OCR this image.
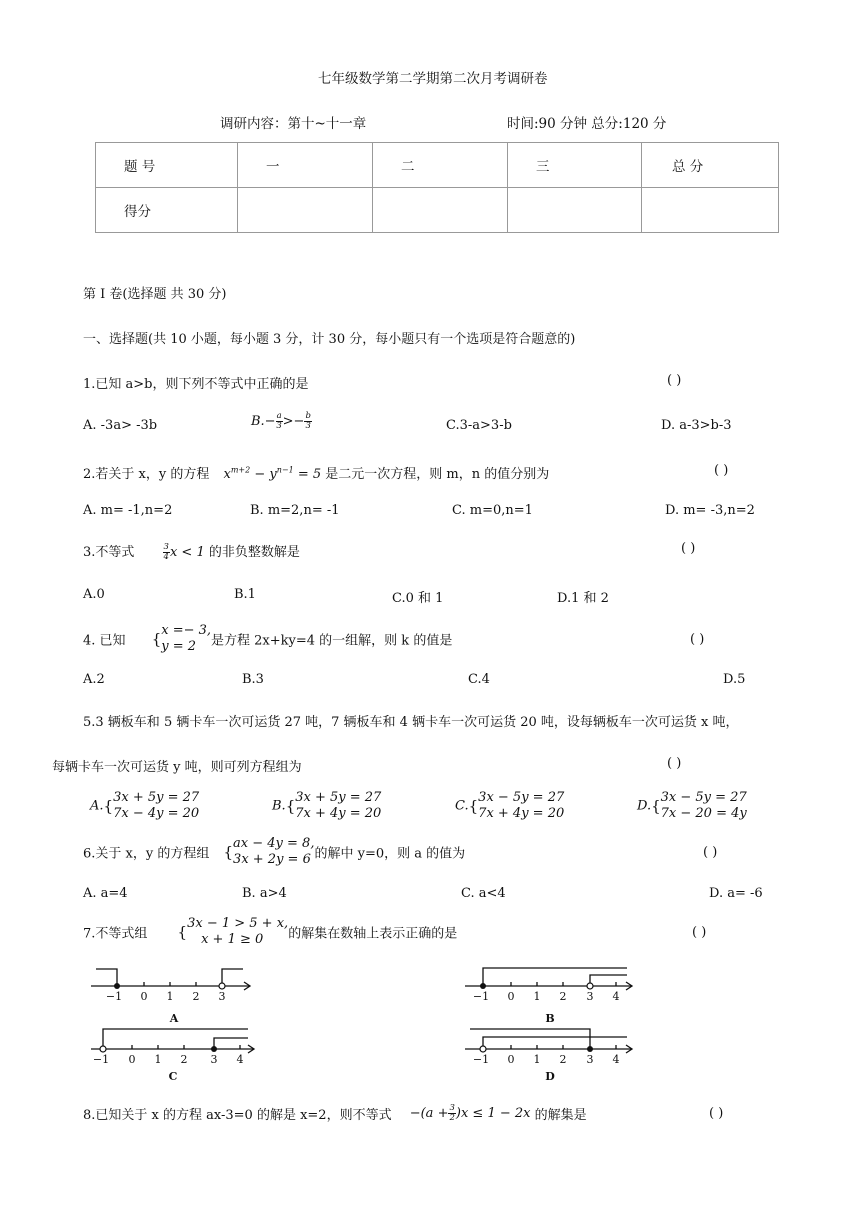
七年级数学第二学期第二次月考调研卷
调研内容：第十~十一章	时间:90 分钟 总分:120 分
题 号	一	二	三	总 分
得分				
第 I 卷(选择题 共 30 分)
一、选择题(共 10 小题，每小题 3 分，计 30 分，每小题只有一个选项是符合题意的)
1.已知 a>b，则下列不等式中正确的是	( )
A. -3a> -3b	$B.- \frac{a}{3} >- \frac{b}{3}$	C.3-a>3-b	D. a-3>b-3
2.若关于 x，y 的方程 $x^{m+2} - y^{n-1} = 5$ 是二元一次方程，则 m，n 的值分别为	( )
A. m= -1,n=2	B. m=2,n= -1	C. m=0,n=1	D. m= -3,n=2
3.不等式	$\frac{3}{4}$ x < 1 的非负整数解是	( )
A.0	B.1	C.0 和 1	D.1 和 2
4. 已知 { x =− 3,
y = 2	是方程 2x+ky=4 的一组解，则 k 的值是	( )
A.2	B.3	C.4	D.5
5.3 辆板车和 5 辆卡车一次可运货 27 吨，7 辆板车和 4 辆卡车一次可运货 20 吨，设每辆板车一次可运货 x 吨，
每辆卡车一次可运货 y 吨，则可列方程组为	( )
A.{ 3x + 5y = 27
7x − 4y = 20	B.{ 3x + 5y = 27
7x + 4y = 20	C.{ 3x − 5y = 27
7x + 4y = 20	D.{ 3x − 5y = 27
7x − 20 = 4y
6.关于 x，y 的方程组 { ax − 4y = 8,
3x + 2y = 6 的解中 y=0，则 a 的值为	( )
A. a=4	B. a>4	C. a<4	D. a= -6
7.不等式组 { 3x − 1 > 5 + x,
x + 1 ≥ 0	的解集在数轴上表示正确的是	( )
−1 0 1 2 3
A
−1 0 1 2 3 4
B
−1 0 1 2 3 4
C
−1 0 1 2 3 4
D
8.已知关于 x 的方程 ax-3=0 的解是 x=2，则不等式 $-(a + \frac{3}{2} )x \le 1 - 2x$ 的解集是	( )
